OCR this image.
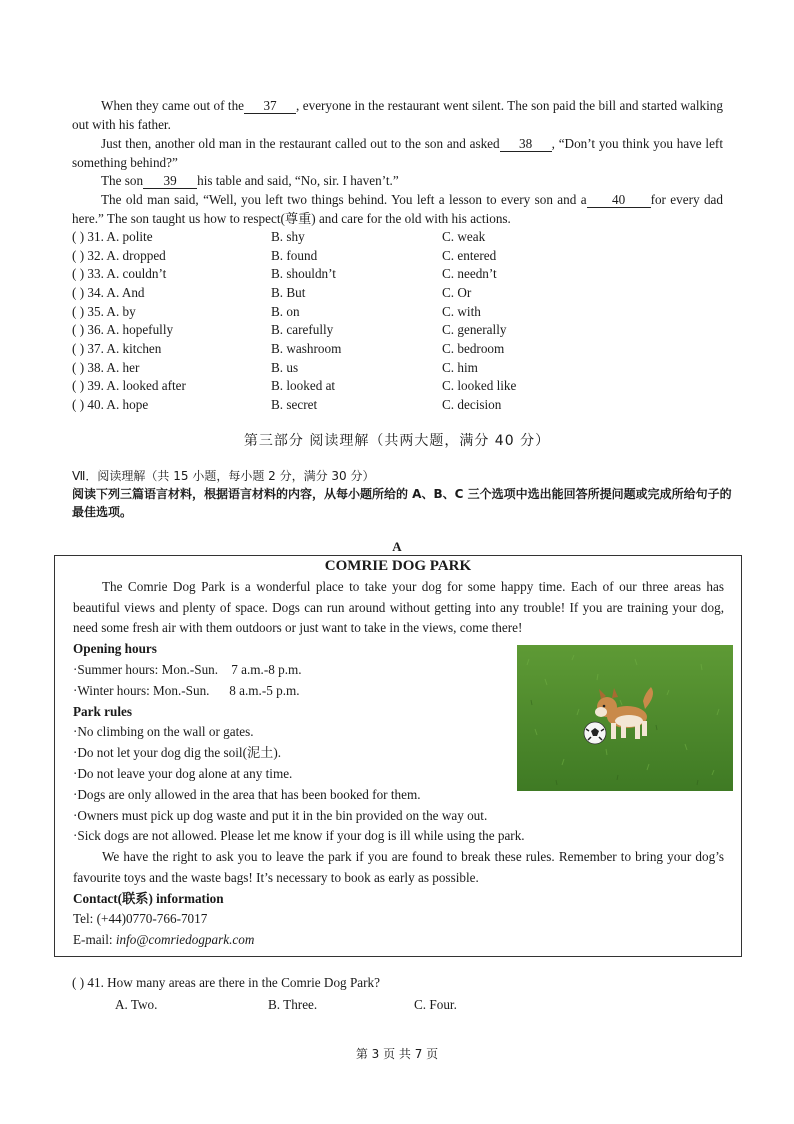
When they came out of the 37 , everyone in the restaurant went silent. The son paid the bill and started walking out with his father.

Just then, another old man in the restaurant called out to the son and asked 38 , “Don’t you think you have left something behind?”

The son 39 his table and said, “No, sir. I haven’t.”

The old man said, “Well, you left two things behind. You left a lesson to every son and a 40 for every dad here.” The son taught us how to respect(尊重) and care for the old with his actions.

( ) 31. A. polite	B. shy	C. weak
( ) 32. A. dropped	B. found	C. entered
( ) 33. A. couldn’t	B. shouldn’t	C. needn’t
( ) 34. A. And	B. But	C. Or
( ) 35. A. by	B. on	C. with
( ) 36. A. hopefully	B. carefully	C. generally
( ) 37. A. kitchen	B. washroom	C. bedroom
( ) 38. A. her	B. us	C. him
( ) 39. A. looked after	B. looked at	C. looked like
( ) 40. A. hope	B. secret	C. decision
第三部分 阅读理解（共两大题，满分 40 分）
Ⅶ．阅读理解（共 15 小题，每小题 2 分，满分 30 分）
阅读下列三篇语言材料，根据语言材料的内容，从每小题所给的 A、B、C 三个选项中选出能回答所提问题或完成所给句子的最佳选项。
A
COMRIE DOG PARK

The Comrie Dog Park is a wonderful place to take your dog for some happy time. Each of our three areas has beautiful views and plenty of space. Dogs can run around without getting into any trouble! If you are training your dog, need some fresh air with them outdoors or just want to take in the views, come there!

Opening hours
·Summer hours: Mon.-Sun.    7 a.m.-8 p.m.
·Winter hours: Mon.-Sun.      8 a.m.-5 p.m.
Park rules
·No climbing on the wall or gates.
·Do not let your dog dig the soil(泥土).
·Do not leave your dog alone at any time.
·Dogs are only allowed in the area that has been booked for them.
·Owners must pick up dog waste and put it in the bin provided on the way out.
·Sick dogs are not allowed. Please let me know if your dog is ill while using the park.

We have the right to ask you to leave the park if you are found to break these rules. Remember to bring your dog’s favourite toys and the waste bags! It’s necessary to book as early as possible.

Contact(联系) information
Tel: (+44)0770-766-7017
E-mail: info@comriedogpark.com
( ) 41. How many areas are there in the Comrie Dog Park?
A. Two.	B. Three.	C. Four.
第 3 页 共 7 页
